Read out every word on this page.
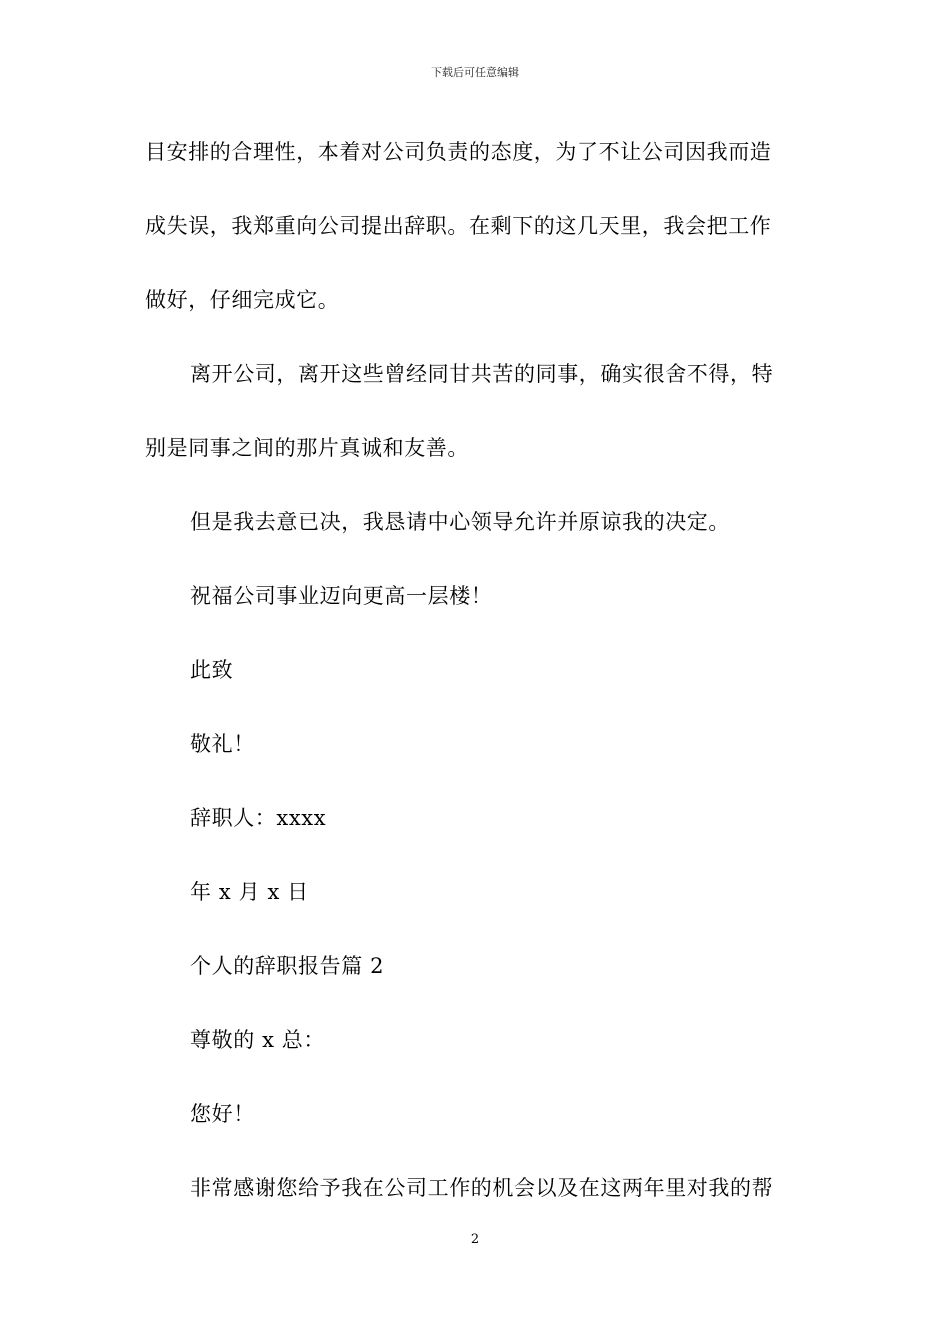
下载后可任意编辑
目安排的合理性，本着对公司负责的态度，为了不让公司因我而造
成失误，我郑重向公司提出辞职。在剩下的这几天里，我会把工作
做好，仔细完成它。
离开公司，离开这些曾经同甘共苦的同事，确实很舍不得，特
别是同事之间的那片真诚和友善。
但是我去意已决，我恳请中心领导允许并原谅我的决定。
祝福公司事业迈向更高一层楼！
此致
敬礼！
辞职人：xxxx
年 x 月 x 日
个人的辞职报告篇 2
尊敬的 x 总：
您好！
非常感谢您给予我在公司工作的机会以及在这两年里对我的帮
2
